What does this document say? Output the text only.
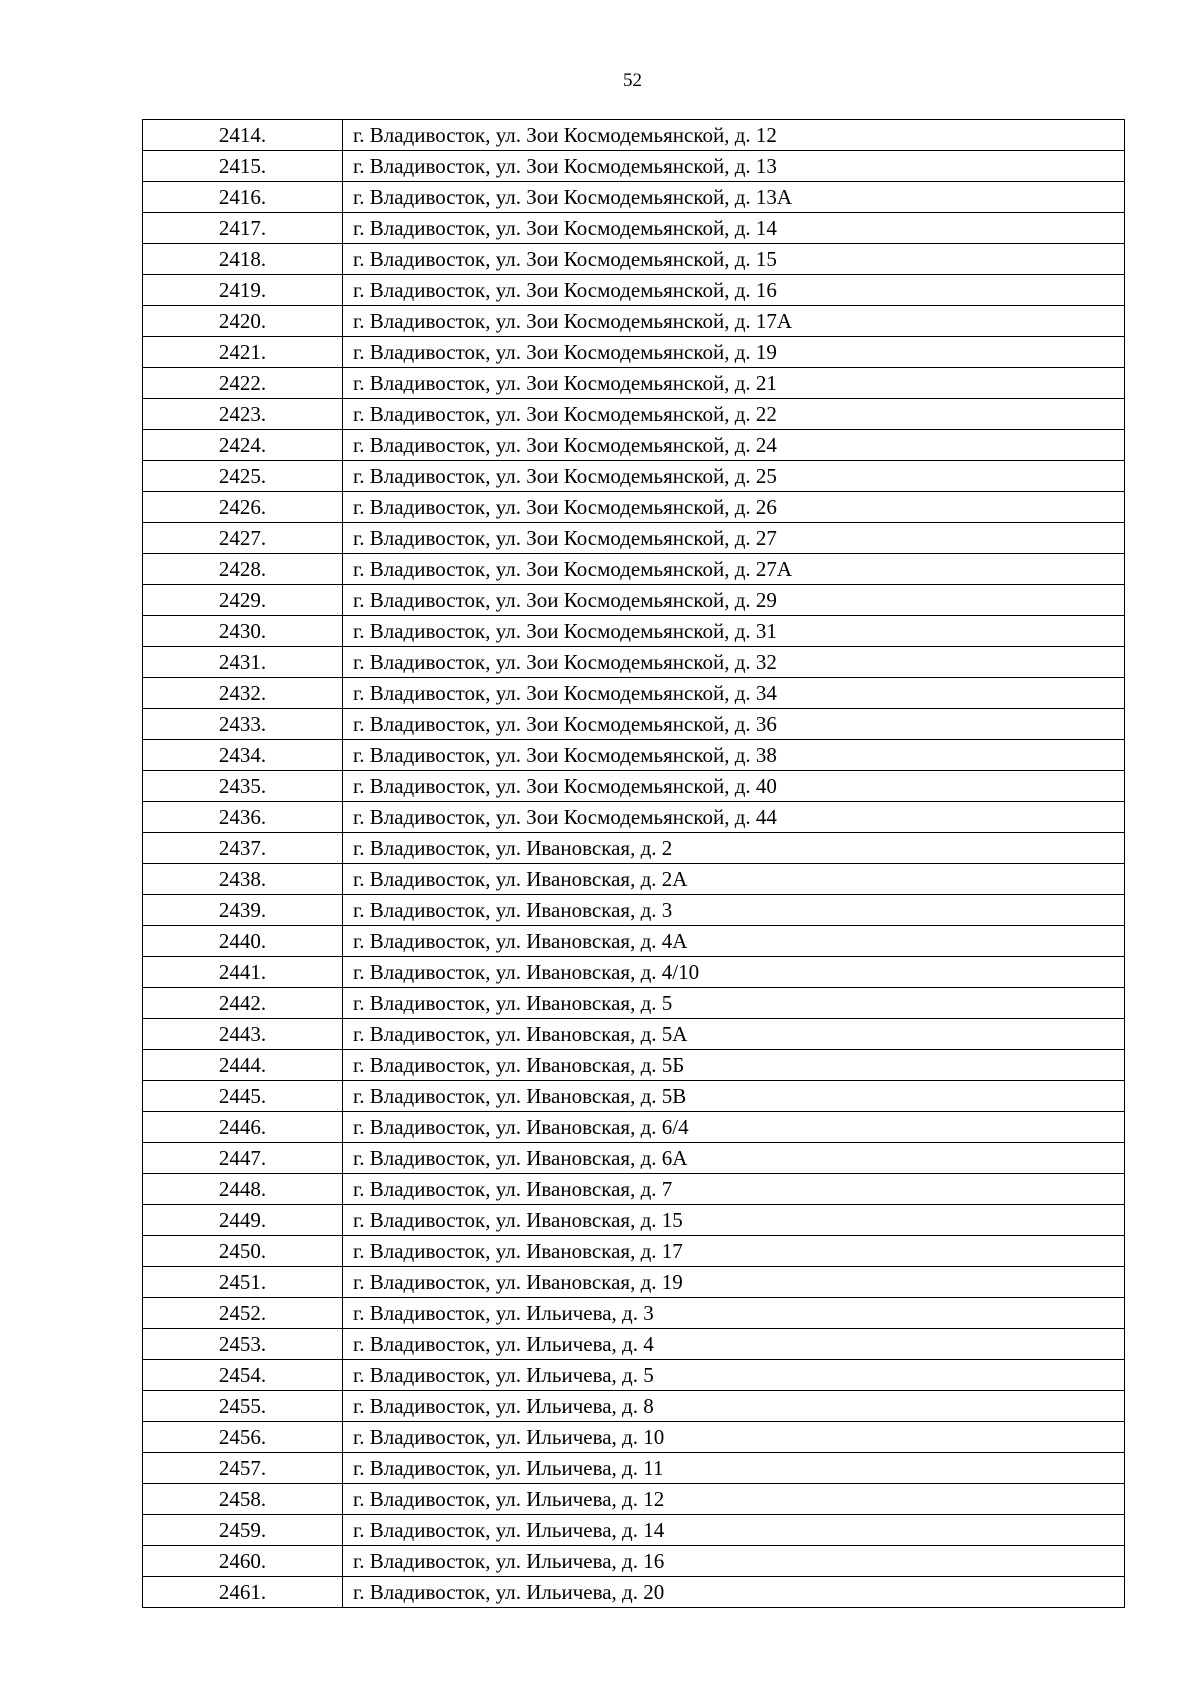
52
2414.	г. Владивосток, ул. Зои Космодемьянской, д. 12
2415.	г. Владивосток, ул. Зои Космодемьянской, д. 13
2416.	г. Владивосток, ул. Зои Космодемьянской, д. 13А
2417.	г. Владивосток, ул. Зои Космодемьянской, д. 14
2418.	г. Владивосток, ул. Зои Космодемьянской, д. 15
2419.	г. Владивосток, ул. Зои Космодемьянской, д. 16
2420.	г. Владивосток, ул. Зои Космодемьянской, д. 17А
2421.	г. Владивосток, ул. Зои Космодемьянской, д. 19
2422.	г. Владивосток, ул. Зои Космодемьянской, д. 21
2423.	г. Владивосток, ул. Зои Космодемьянской, д. 22
2424.	г. Владивосток, ул. Зои Космодемьянской, д. 24
2425.	г. Владивосток, ул. Зои Космодемьянской, д. 25
2426.	г. Владивосток, ул. Зои Космодемьянской, д. 26
2427.	г. Владивосток, ул. Зои Космодемьянской, д. 27
2428.	г. Владивосток, ул. Зои Космодемьянской, д. 27А
2429.	г. Владивосток, ул. Зои Космодемьянской, д. 29
2430.	г. Владивосток, ул. Зои Космодемьянской, д. 31
2431.	г. Владивосток, ул. Зои Космодемьянской, д. 32
2432.	г. Владивосток, ул. Зои Космодемьянской, д. 34
2433.	г. Владивосток, ул. Зои Космодемьянской, д. 36
2434.	г. Владивосток, ул. Зои Космодемьянской, д. 38
2435.	г. Владивосток, ул. Зои Космодемьянской, д. 40
2436.	г. Владивосток, ул. Зои Космодемьянской, д. 44
2437.	г. Владивосток, ул. Ивановская, д. 2
2438.	г. Владивосток, ул. Ивановская, д. 2А
2439.	г. Владивосток, ул. Ивановская, д. 3
2440.	г. Владивосток, ул. Ивановская, д. 4А
2441.	г. Владивосток, ул. Ивановская, д. 4/10
2442.	г. Владивосток, ул. Ивановская, д. 5
2443.	г. Владивосток, ул. Ивановская, д. 5А
2444.	г. Владивосток, ул. Ивановская, д. 5Б
2445.	г. Владивосток, ул. Ивановская, д. 5В
2446.	г. Владивосток, ул. Ивановская, д. 6/4
2447.	г. Владивосток, ул. Ивановская, д. 6А
2448.	г. Владивосток, ул. Ивановская, д. 7
2449.	г. Владивосток, ул. Ивановская, д. 15
2450.	г. Владивосток, ул. Ивановская, д. 17
2451.	г. Владивосток, ул. Ивановская, д. 19
2452.	г. Владивосток, ул. Ильичева, д. 3
2453.	г. Владивосток, ул. Ильичева, д. 4
2454.	г. Владивосток, ул. Ильичева, д. 5
2455.	г. Владивосток, ул. Ильичева, д. 8
2456.	г. Владивосток, ул. Ильичева, д. 10
2457.	г. Владивосток, ул. Ильичева, д. 11
2458.	г. Владивосток, ул. Ильичева, д. 12
2459.	г. Владивосток, ул. Ильичева, д. 14
2460.	г. Владивосток, ул. Ильичева, д. 16
2461.	г. Владивосток, ул. Ильичева, д. 20
